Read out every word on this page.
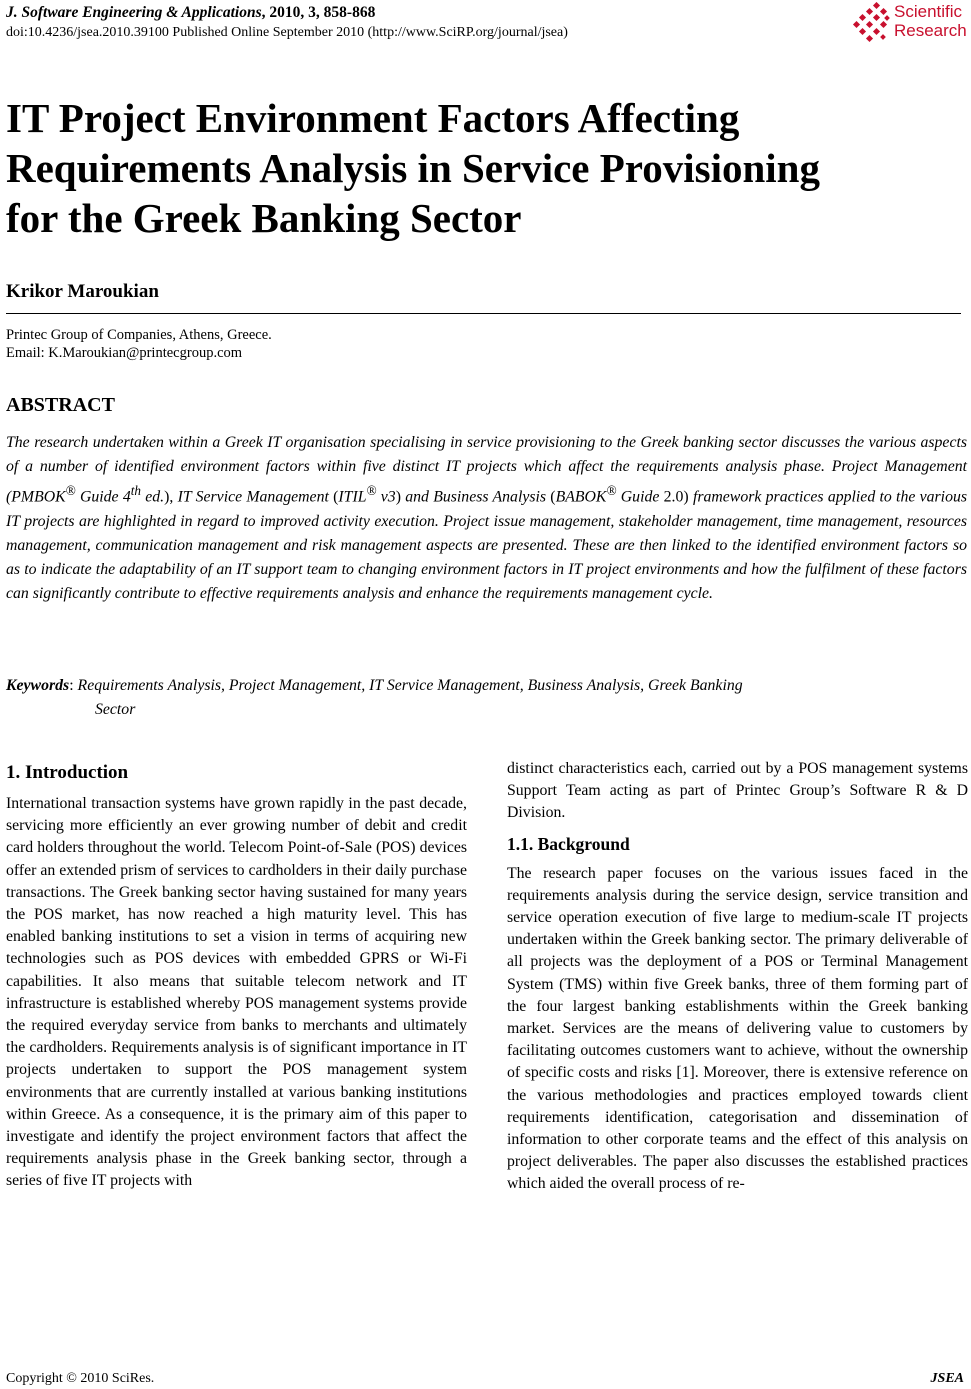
J. Software Engineering & Applications, 2010, 3, 858-868
doi:10.4236/jsea.2010.39100 Published Online September 2010 (http://www.SciRP.org/journal/jsea)
Scientific
Research
IT Project Environment Factors Affecting
Requirements Analysis in Service Provisioning
for the Greek Banking Sector
Krikor Maroukian
Printec Group of Companies, Athens, Greece.
Email: K.Maroukian@printecgroup.com
ABSTRACT

The research undertaken within a Greek IT organisation specialising in service provisioning to the Greek banking sector discusses the various aspects of a number of identified environment factors within five distinct IT projects which affect the requirements analysis phase. Project Management (PMBOK® Guide 4th ed.), IT Service Management (ITIL® v3) and Business Analysis (BABOK® Guide 2.0) framework practices applied to the various IT projects are highlighted in regard to improved activity execution. Project issue management, stakeholder management, time management, resources management, communication management and risk management aspects are presented. These are then linked to the identified environment factors so as to indicate the adaptability of an IT support team to changing environment factors in IT project environments and how the fulfilment of these factors can significantly contribute to effective requirements analysis and enhance the requirements management cycle.

Keywords: Requirements Analysis, Project Management, IT Service Management, Business Analysis, Greek Banking
Sector
1. Introduction

International transaction systems have grown rapidly in the past decade, servicing more efficiently an ever growing number of debit and credit card holders throughout the world. Telecom Point-of-Sale (POS) devices offer an extended prism of services to cardholders in their daily purchase transactions. The Greek banking sector having sustained for many years the POS market, has now reached a high maturity level. This has enabled banking institutions to set a vision in terms of acquiring new technologies such as POS devices with embedded GPRS or Wi-Fi capabilities. It also means that suitable telecom network and IT infrastructure is established whereby POS management systems provide the required everyday service from banks to merchants and ultimately the cardholders. Requirements analysis is of significant importance in IT projects undertaken to support the POS management system environments that are currently installed at various banking institutions within Greece. As a consequence, it is the primary aim of this paper to investigate and identify the project environment factors that affect the requirements analysis phase in the Greek banking sector, through a series of five IT projects with

distinct characteristics each, carried out by a POS management systems Support Team acting as part of Printec Group’s Software R & D Division.

1.1. Background

The research paper focuses on the various issues faced in the requirements analysis during the service design, service transition and service operation execution of five large to medium-scale IT projects undertaken within the Greek banking sector. The primary deliverable of all projects was the deployment of a POS or Terminal Management System (TMS) within five Greek banks, three of them forming part of the four largest banking establishments within the Greek banking market. Services are the means of delivering value to customers by facilitating outcomes customers want to achieve, without the ownership of specific costs and risks [1]. Moreover, there is extensive reference on the various methodologies and practices employed towards client requirements identification, categorisation and dissemination of information to other corporate teams and the effect of this analysis on project deliverables. The paper also discusses the established practices which aided the overall process of re-

Copyright © 2010 SciRes.	JSEA
